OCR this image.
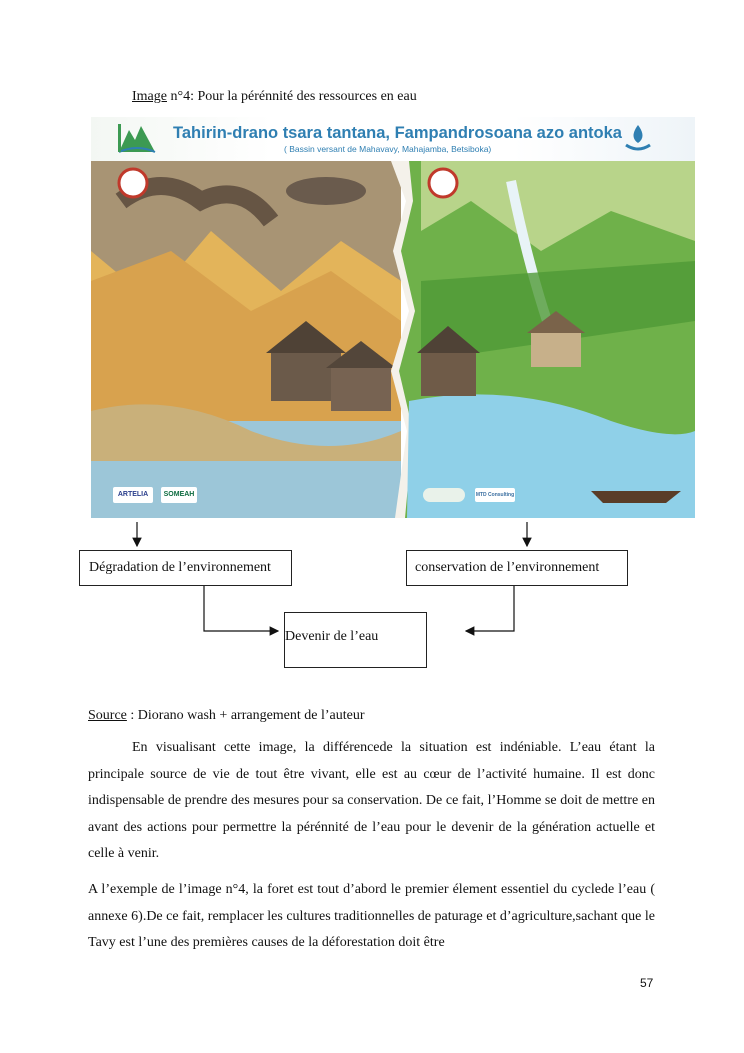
Image n°4: Pour la pérénnité des ressources en eau
Tahirin-drano tsara tantana, Fampandrosoana azo antoka
( Bassin versant de Mahavavy, Mahajamba, Betsiboka)
ARTELIA	SOMEAH	MTD Consulting
Dégradation de l’environnement	conservation de l’environnement
Devenir de l’eau
Source : Diorano wash + arrangement de l’auteur

En visualisant cette image, la différencede la situation est indéniable. L’eau étant la principale source de vie de tout être vivant, elle est au cœur de l’activité humaine. Il est donc indispensable de prendre des mesures pour sa conservation. De ce fait, l’Homme se doit de mettre en avant des actions pour permettre la pérénnité de l’eau pour le devenir de la génération actuelle et celle à venir.

A l’exemple de l’image n°4, la foret est tout d’abord le premier élement essentiel du cyclede l’eau ( annexe 6).De ce fait, remplacer les cultures traditionnelles de paturage et d’agriculture,sachant que le Tavy est l’une des premières causes de la déforestation doit être

57
